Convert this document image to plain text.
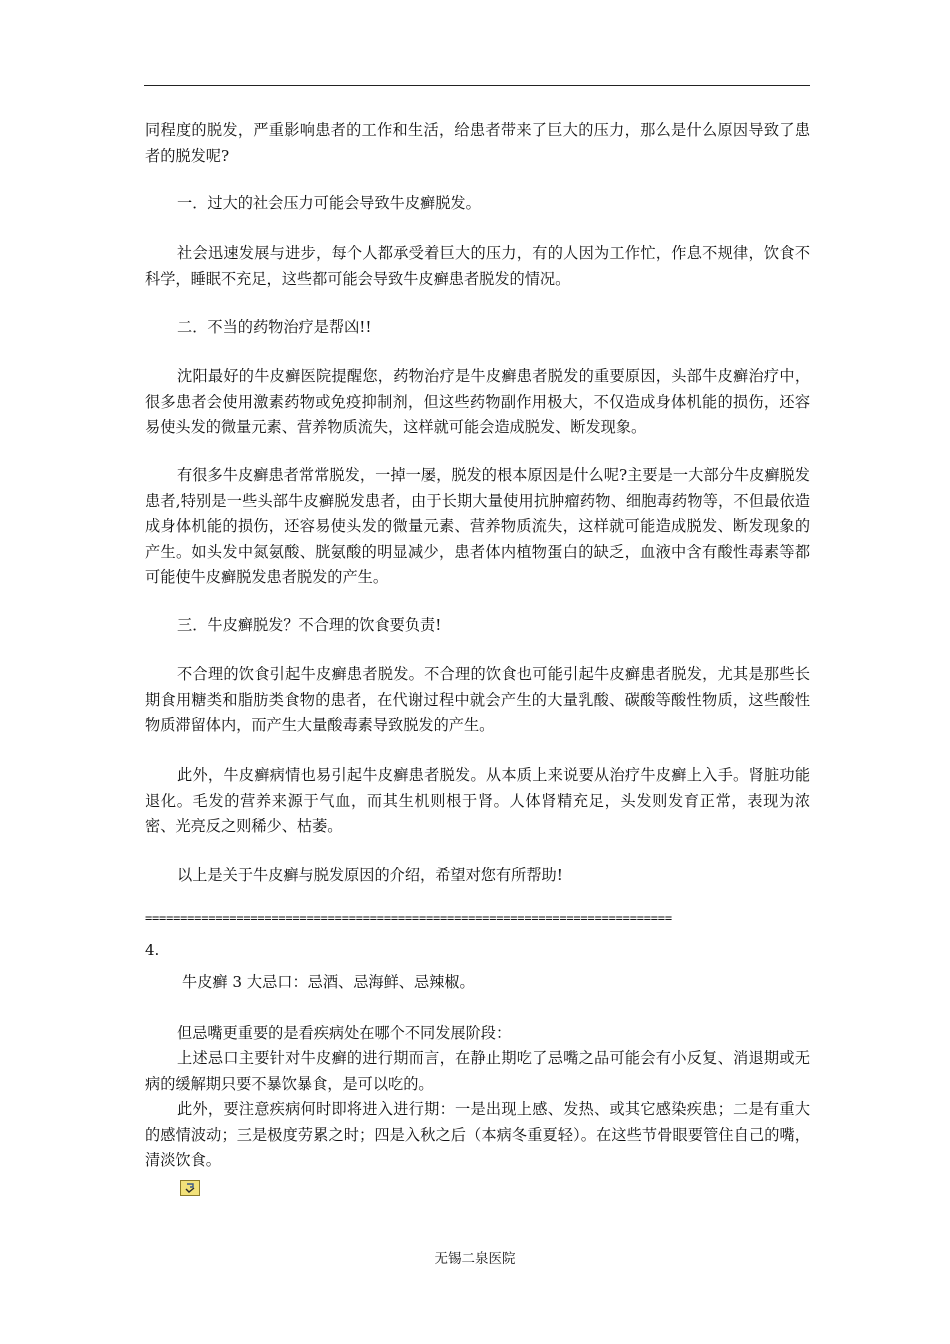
同程度的脱发，严重影响患者的工作和生活，给患者带来了巨大的压力，那么是什么原因导致了患者的脱发呢?

一．过大的社会压力可能会导致牛皮癣脱发。

社会迅速发展与进步，每个人都承受着巨大的压力，有的人因为工作忙，作息不规律，饮食不科学，睡眠不充足，这些都可能会导致牛皮癣患者脱发的情况。

二．不当的药物治疗是帮凶!!

沈阳最好的牛皮癣医院提醒您，药物治疗是牛皮癣患者脱发的重要原因，头部牛皮癣治疗中，很多患者会使用激素药物或免疫抑制剂，但这些药物副作用极大，不仅造成身体机能的损伤，还容易使头发的微量元素、营养物质流失，这样就可能会造成脱发、断发现象。

有很多牛皮癣患者常常脱发，一掉一屡，脱发的根本原因是什么呢?主要是一大部分牛皮癣脱发患者,特别是一些头部牛皮癣脱发患者，由于长期大量使用抗肿瘤药物、细胞毒药物等，不但最依造成身体机能的损伤，还容易使头发的微量元素、营养物质流失，这样就可能造成脱发、断发现象的产生。如头发中氮氨酸、胱氨酸的明显减少，患者体内植物蛋白的缺乏，血液中含有酸性毒素等都可能使牛皮癣脱发患者脱发的产生。

三．牛皮癣脱发？不合理的饮食要负责!

不合理的饮食引起牛皮癣患者脱发。不合理的饮食也可能引起牛皮癣患者脱发，尤其是那些长期食用糖类和脂肪类食物的患者，在代谢过程中就会产生的大量乳酸、碳酸等酸性物质，这些酸性物质滞留体内，而产生大量酸毒素导致脱发的产生。

此外，牛皮癣病情也易引起牛皮癣患者脱发。从本质上来说要从治疗牛皮癣上入手。肾脏功能退化。毛发的营养来源于气血，而其生机则根于肾。人体肾精充足，头发则发育正常，表现为浓密、光亮反之则稀少、枯萎。

以上是关于牛皮癣与脱发原因的介绍，希望对您有所帮助!

===========================================================================
4.

牛皮癣 3 大忌口：忌酒、忌海鲜、忌辣椒。

但忌嘴更重要的是看疾病处在哪个不同发展阶段：

上述忌口主要针对牛皮癣的进行期而言，在静止期吃了忌嘴之品可能会有小反复、消退期或无病的缓解期只要不暴饮暴食，是可以吃的。

此外，要注意疾病何时即将进入进行期：一是出现上感、发热、或其它感染疾患；二是有重大的感情波动；三是极度劳累之时；四是入秋之后（本病冬重夏轻）。在这些节骨眼要管住自己的嘴，清淡饮食。

无锡二泉医院
